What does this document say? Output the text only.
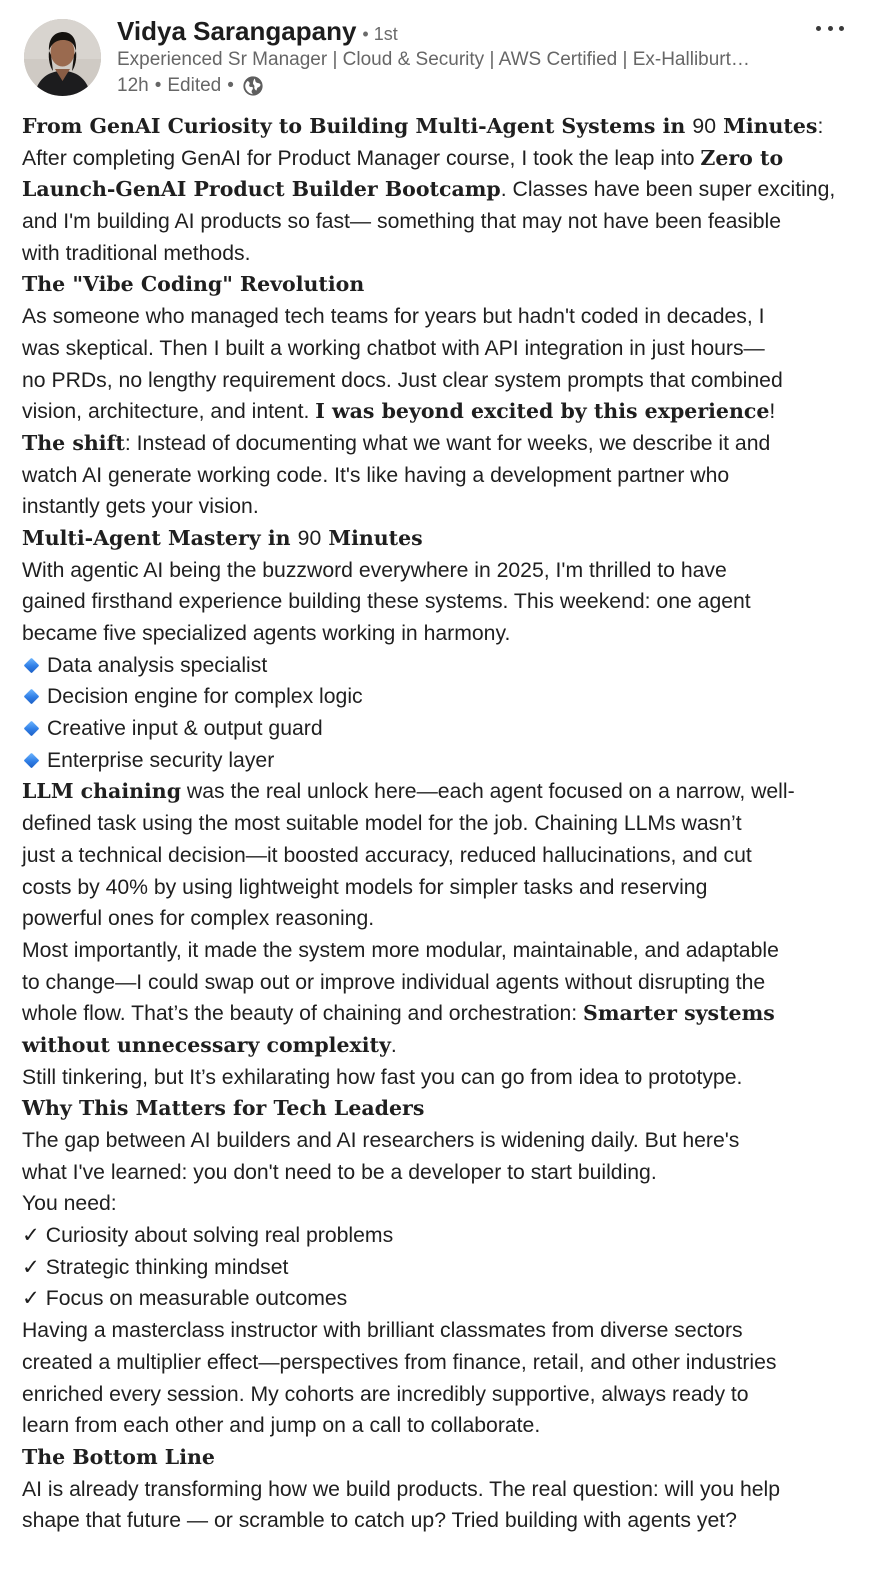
Vidya Sarangapany • 1st
Experienced Sr Manager | Cloud & Security | AWS Certified | Ex-Halliburt…
12h • Edited •
From GenAI Curiosity to Building Multi-Agent Systems in 90 Minutes:
After completing GenAI for Product Manager course, I took the leap into Zero to
Launch-GenAI Product Builder Bootcamp. Classes have been super exciting,
and I'm building AI products so fast— something that may not have been feasible
with traditional methods.
The "Vibe Coding" Revolution
As someone who managed tech teams for years but hadn't coded in decades, I
was skeptical. Then I built a working chatbot with API integration in just hours—
no PRDs, no lengthy requirement docs. Just clear system prompts that combined
vision, architecture, and intent. I was beyond excited by this experience!
The shift: Instead of documenting what we want for weeks, we describe it and
watch AI generate working code. It's like having a development partner who
instantly gets your vision.
Multi-Agent Mastery in 90 Minutes
With agentic AI being the buzzword everywhere in 2025, I'm thrilled to have
gained firsthand experience building these systems. This weekend: one agent
became five specialized agents working in harmony.
Data analysis specialist
Decision engine for complex logic
Creative input & output guard
Enterprise security layer
LLM chaining was the real unlock here—each agent focused on a narrow, well-
defined task using the most suitable model for the job. Chaining LLMs wasn’t
just a technical decision—it boosted accuracy, reduced hallucinations, and cut
costs by 40% by using lightweight models for simpler tasks and reserving
powerful ones for complex reasoning.
Most importantly, it made the system more modular, maintainable, and adaptable
to change—I could swap out or improve individual agents without disrupting the
whole flow. That’s the beauty of chaining and orchestration: Smarter systems
without unnecessary complexity.
Still tinkering, but It’s exhilarating how fast you can go from idea to prototype.
Why This Matters for Tech Leaders
The gap between AI builders and AI researchers is widening daily. But here's
what I've learned: you don't need to be a developer to start building.
You need:
✓ Curiosity about solving real problems
✓ Strategic thinking mindset
✓ Focus on measurable outcomes
Having a masterclass instructor with brilliant classmates from diverse sectors
created a multiplier effect—perspectives from finance, retail, and other industries
enriched every session. My cohorts are incredibly supportive, always ready to
learn from each other and jump on a call to collaborate.
The Bottom Line
AI is already transforming how we build products. The real question: will you help
shape that future — or scramble to catch up? Tried building with agents yet?
